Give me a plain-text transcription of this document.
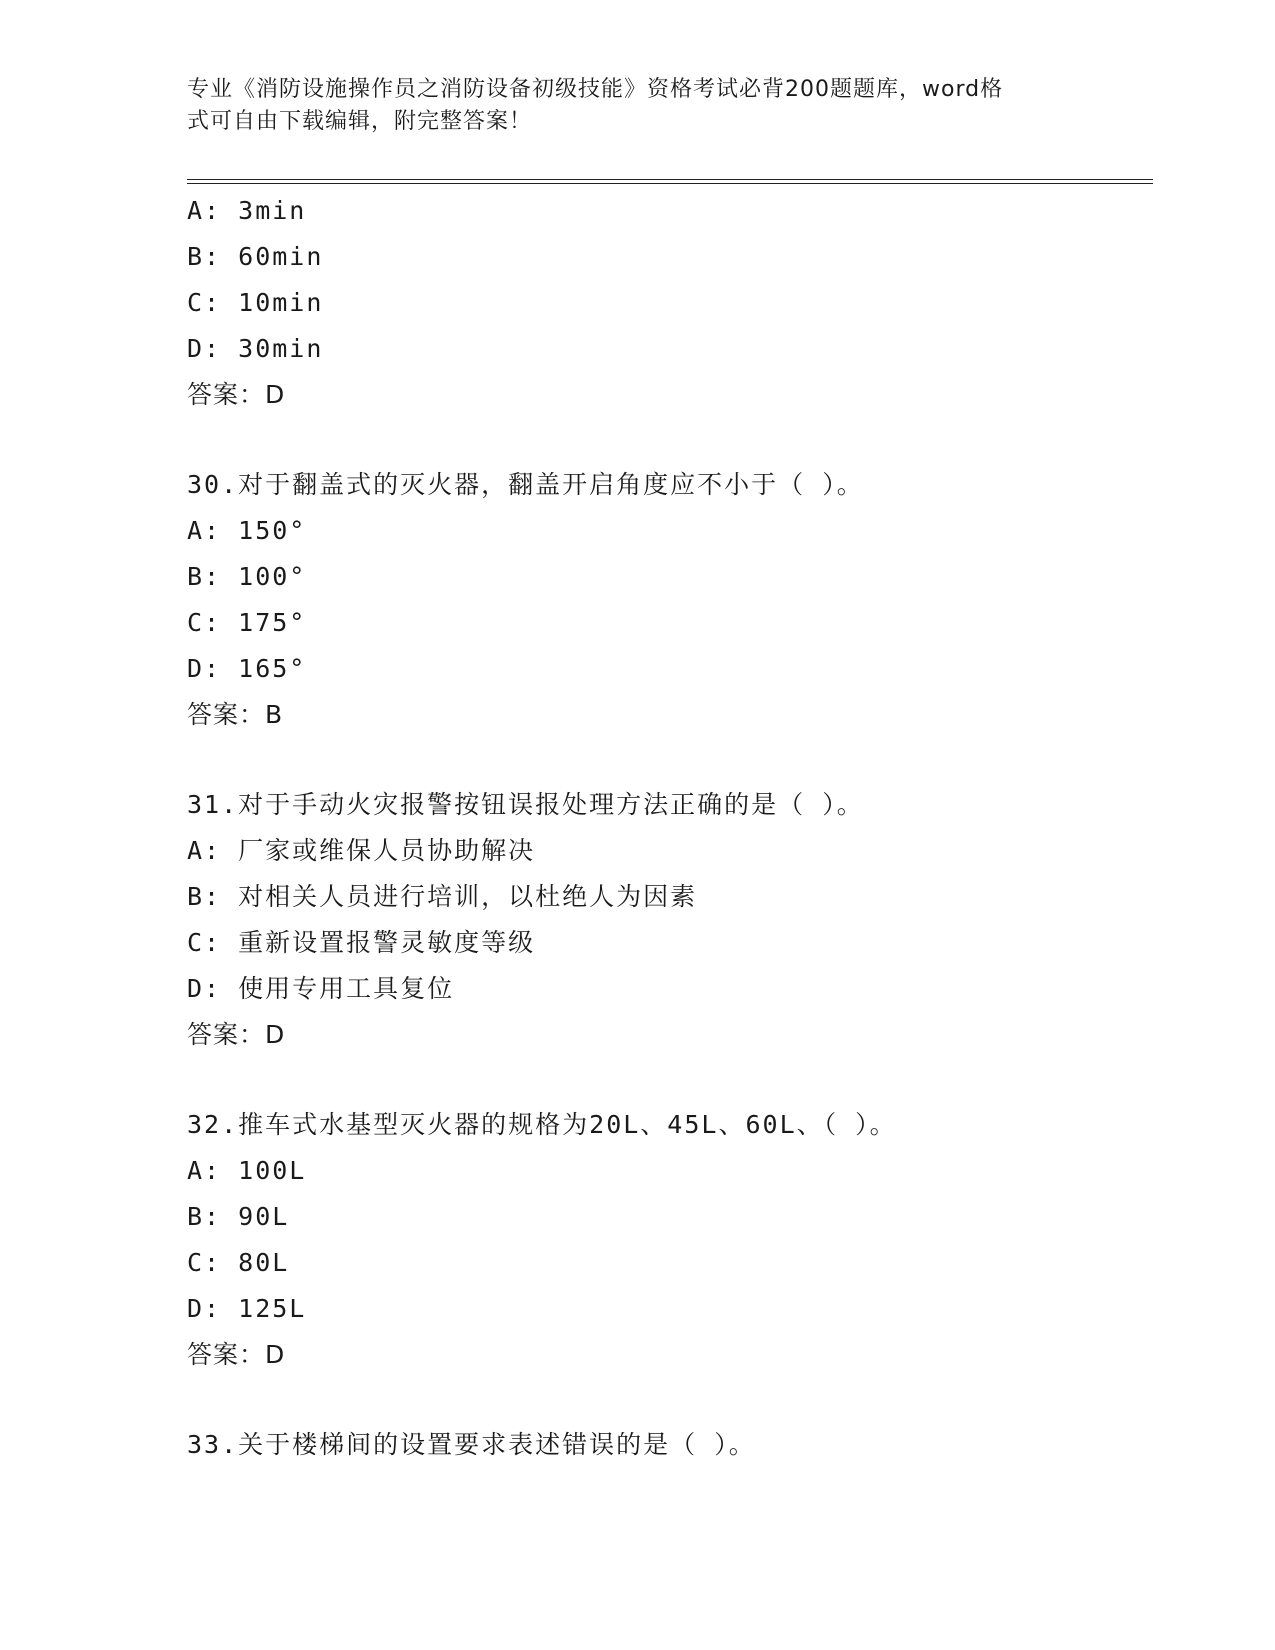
专业《消防设施操作员之消防设备初级技能》资格考试必背200题题库，word格
式可自由下载编辑，附完整答案！
A: 3min
B: 60min
C: 10min
D: 30min
答案：D
30.对于翻盖式的灭火器，翻盖开启角度应不小于（ ）。
A: 150°
B: 100°
C: 175°
D: 165°
答案：B
31.对于手动火灾报警按钮误报处理方法正确的是（ ）。
A: 厂家或维保人员协助解决
B: 对相关人员进行培训，以杜绝人为因素
C: 重新设置报警灵敏度等级
D: 使用专用工具复位
答案：D
32.推车式水基型灭火器的规格为20L、45L、60L、（ ）。
A: 100L
B: 90L
C: 80L
D: 125L
答案：D
33.关于楼梯间的设置要求表述错误的是（ ）。
